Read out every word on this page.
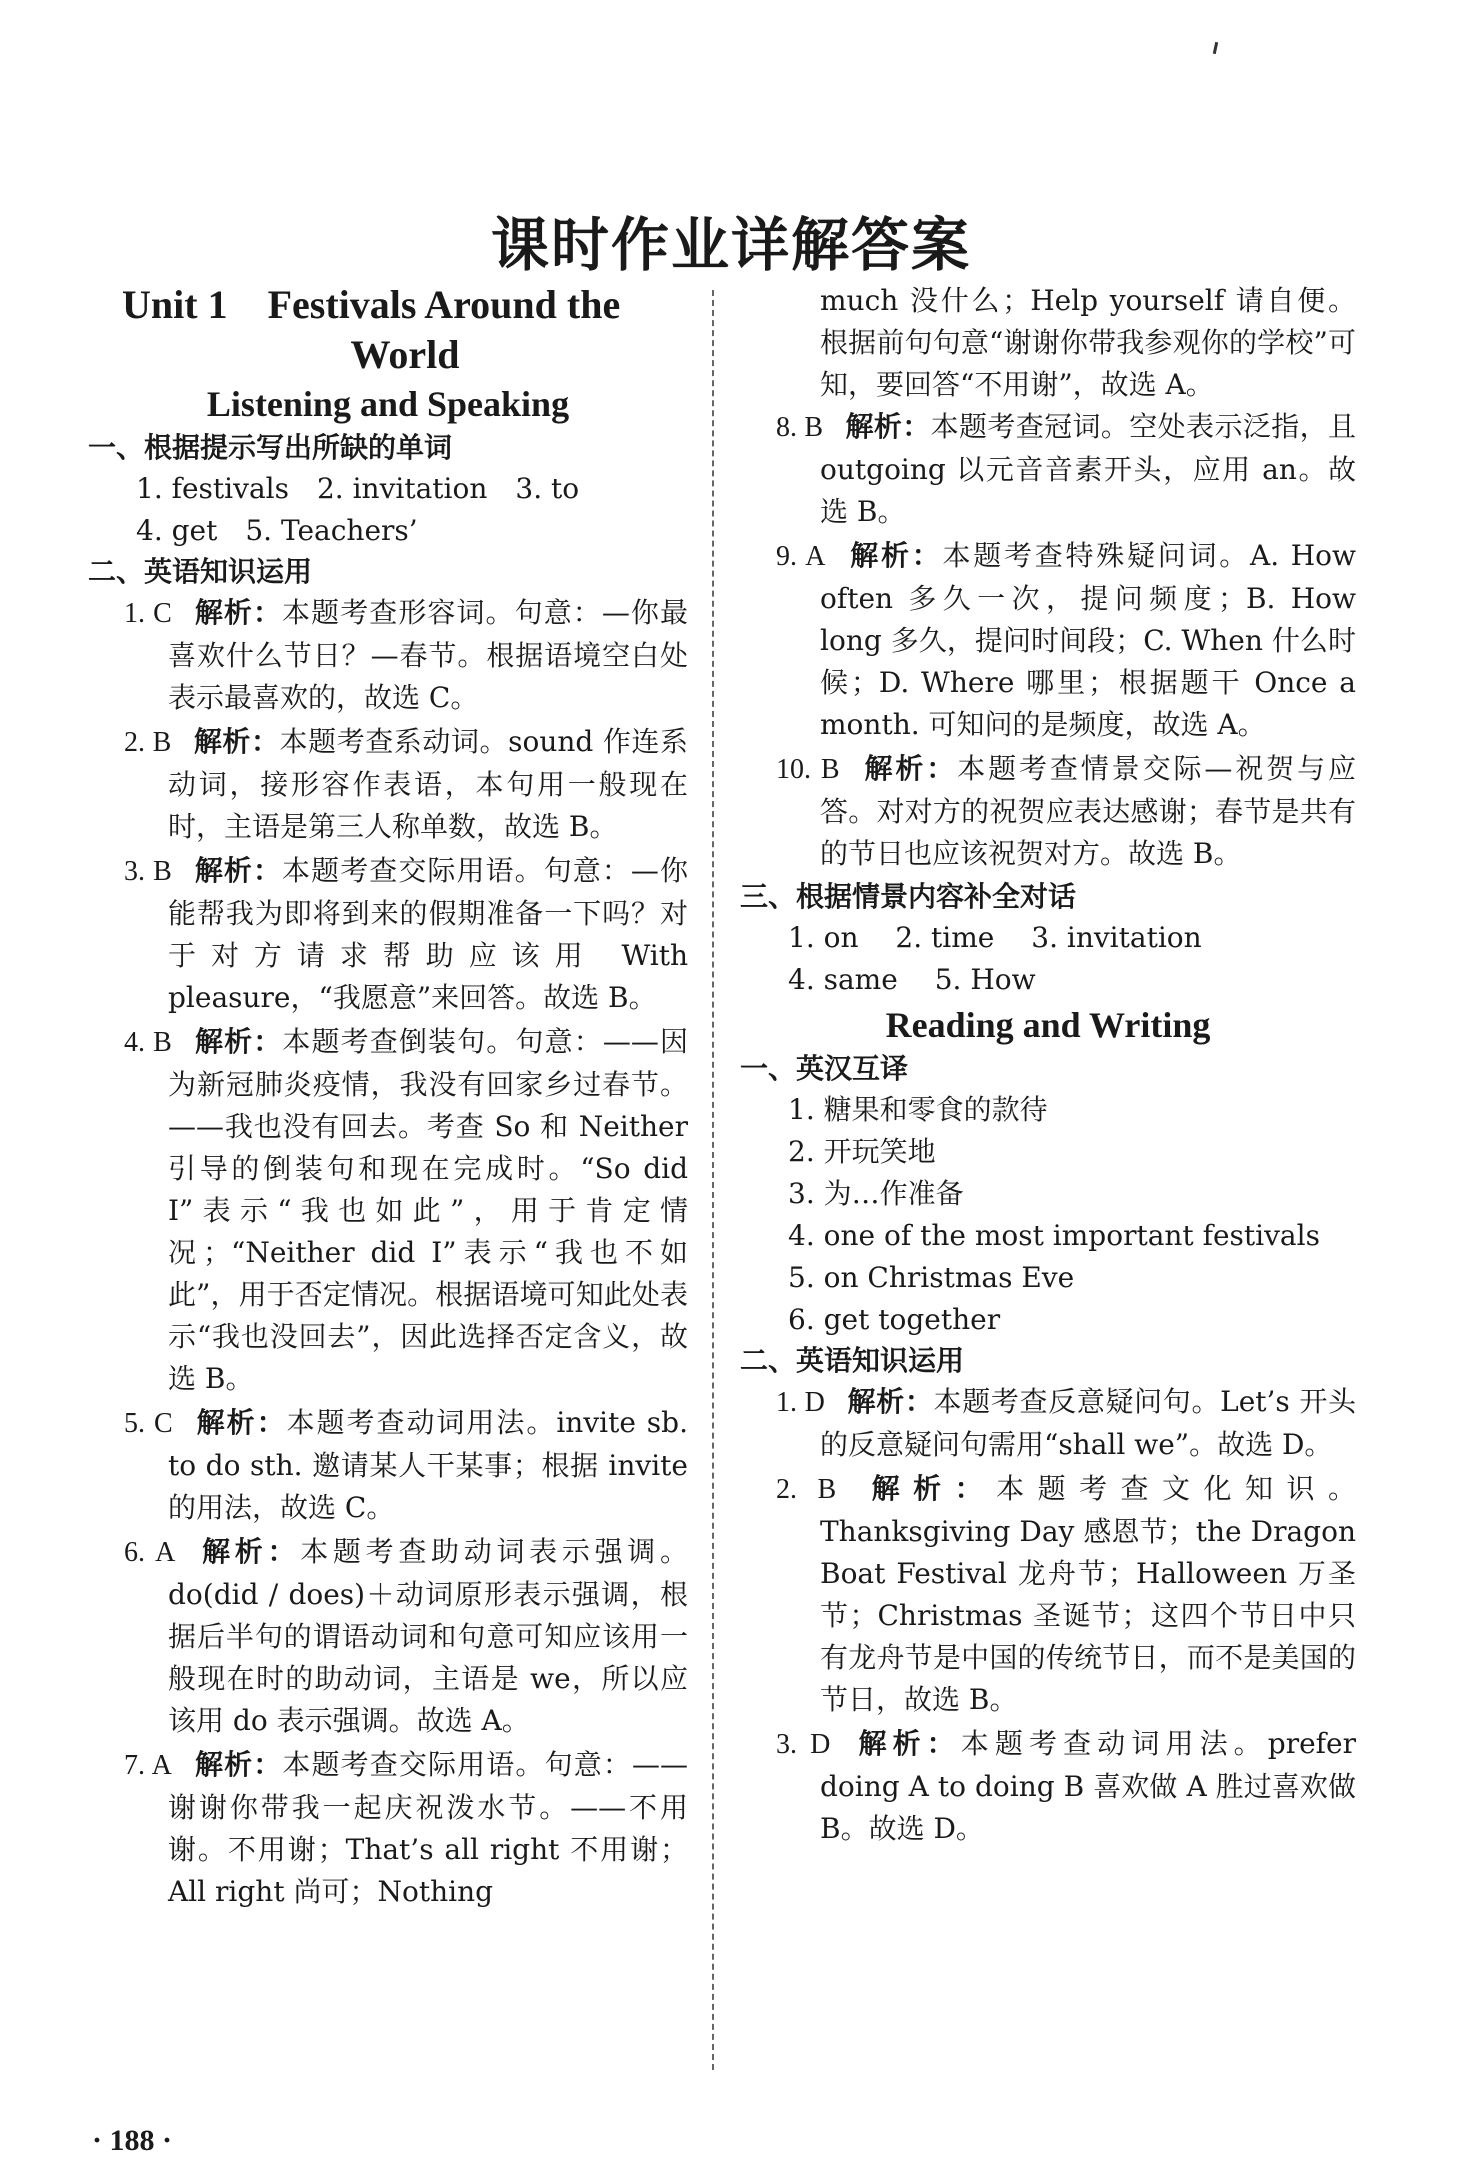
课时作业详解答案
Unit 1　Festivals Around the
World
Listening and Speaking
一、根据提示写出所缺的单词
1. festivals　2. invitation　3. to
4. get　5. Teachers’
二、英语知识运用
1. C 解析：本题考查形容词。句意：—你最喜欢什么节日？—春节。根据语境空白处表示最喜欢的，故选 C。
2. B 解析：本题考查系动词。sound 作连系动词，接形容作表语，本句用一般现在时，主语是第三人称单数，故选 B。
3. B 解析：本题考查交际用语。句意：—你能帮我为即将到来的假期准备一下吗？对于对方请求帮助应该用 With pleasure，“我愿意”来回答。故选 B。
4. B 解析：本题考查倒装句。句意：——因为新冠肺炎疫情，我没有回家乡过春节。——我也没有回去。考查 So 和 Neither 引导的倒装句和现在完成时。“So did I”表示“我也如此”，用于肯定情况；“Neither did I”表示“我也不如此”，用于否定情况。根据语境可知此处表示“我也没回去”，因此选择否定含义，故选 B。
5. C 解析：本题考查动词用法。invite sb. to do sth. 邀请某人干某事；根据 invite 的用法，故选 C。
6. A 解析：本题考查助动词表示强调。do(did / does)＋动词原形表示强调，根据后半句的谓语动词和句意可知应该用一般现在时的助动词，主语是 we，所以应该用 do 表示强调。故选 A。
7. A 解析：本题考查交际用语。句意：——谢谢你带我一起庆祝泼水节。——不用谢。不用谢；That’s all right 不用谢；All right 尚可；Nothing
much 没什么；Help yourself 请自便。根据前句句意“谢谢你带我参观你的学校”可知，要回答“不用谢”，故选 A。
8. B 解析：本题考查冠词。空处表示泛指，且 outgoing 以元音音素开头，应用 an。故选 B。
9. A 解析：本题考查特殊疑问词。A. How often 多久一次，提问频度；B. How long 多久，提问时间段；C. When 什么时候；D. Where 哪里；根据题干 Once a month. 可知问的是频度，故选 A。
10. B 解析：本题考查情景交际—祝贺与应答。对对方的祝贺应表达感谢；春节是共有的节日也应该祝贺对方。故选 B。
三、根据情景内容补全对话
1. on　 2. time　 3. invitation
4. same　 5. How
Reading and Writing
一、英汉互译
1. 糖果和零食的款待
2. 开玩笑地
3. 为…作准备
4. one of the most important festivals
5. on Christmas Eve
6. get together
二、英语知识运用
1. D 解析：本题考查反意疑问句。Let’s 开头的反意疑问句需用“shall we”。故选 D。
2. B 解析：本题考查文化知识。Thanksgiving Day 感恩节；the Dragon Boat Festival 龙舟节；Halloween 万圣节；Christmas 圣诞节；这四个节日中只有龙舟节是中国的传统节日，而不是美国的节日，故选 B。
3. D 解析：本题考查动词用法。prefer doing A to doing B 喜欢做 A 胜过喜欢做 B。故选 D。
· 188 ·
